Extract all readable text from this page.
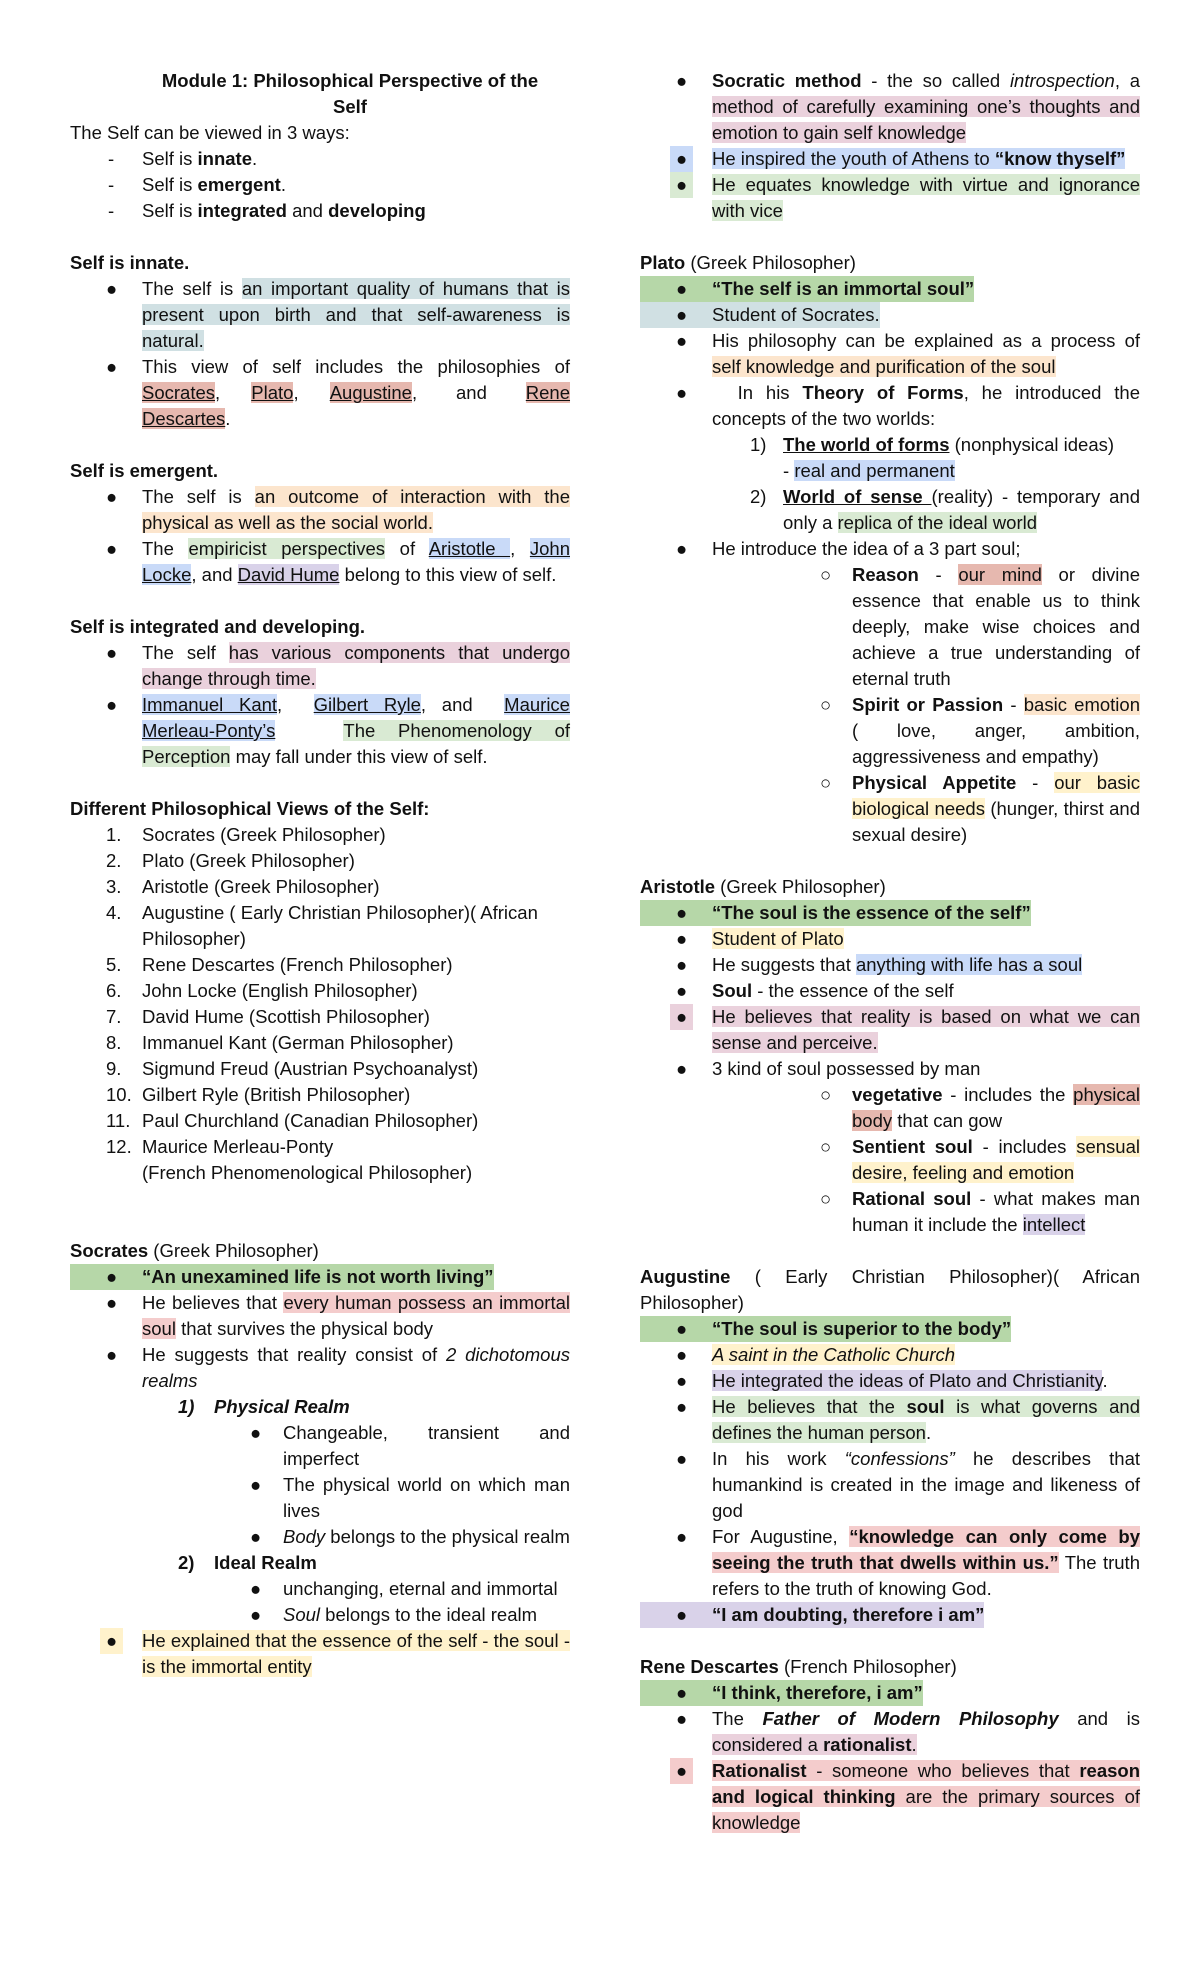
Module 1: Philosophical Perspective of the
Self

The Self can be viewed in 3 ways:

- Self is innate.
- Self is emergent.
- Self is integrated and developing

Self is innate.

● The self is an important quality of humans that is present upon birth and that self-awareness is natural.
● This view of self includes the philosophies of Socrates,    Plato,    Augustine,     and Rene Descartes.

Self is emergent.

● The self is an outcome of interaction with the physical as well as the social world.
● The empiricist perspectives of Aristotle , John Locke, and David Hume belong to this view of self.

Self is integrated and developing.

● The self has various components that undergo change through time.
● Immanuel Kant,  Gilbert Ryle, and  Maurice Merleau-Ponty’s	The Phenomenology of Perception may fall under this view of self.

Different Philosophical Views of the Self:

1. Socrates (Greek Philosopher)
2. Plato (Greek Philosopher)
3. Aristotle (Greek Philosopher)
4. Augustine ( Early Christian Philosopher)( African Philosopher)
5. Rene Descartes (French Philosopher)
6. John Locke (English Philosopher)
7. David Hume (Scottish Philosopher)
8. Immanuel Kant (German Philosopher)
9. Sigmund Freud (Austrian Psychoanalyst)
10. Gilbert Ryle (British Philosopher)
11. Paul Churchland (Canadian Philosopher)
12. Maurice Merleau-Ponty
(French Phenomenological Philosopher)

Socrates (Greek Philosopher)

● “An unexamined life is not worth living”
● He believes that every human possess an immortal soul that survives the physical body
● He suggests that reality consist of 2 dichotomous realms
1) Physical Realm
● Changeable, transient and imperfect
● The physical world on which man lives
● Body belongs to the physical realm
2) Ideal Realm
● unchanging, eternal and immortal
● Soul belongs to the ideal realm
●	He explained that the essence of the self - the soul - is the immortal entity
● Socratic method - the so called introspection, a method of carefully examining one’s thoughts and emotion to gain self knowledge
●	He inspired the youth of Athens to “know thyself”
●	He equates knowledge with virtue and ignorance with vice

Plato (Greek Philosopher)

● “The self is an immortal soul”
● Student of Socrates.
● His philosophy can be explained as a process of self knowledge and purification of the soul
●	In his Theory of Forms, he introduced the concepts of the two worlds:
1) The world of forms (nonphysical ideas)
- real and permanent
2) World of sense (reality) - temporary and only a replica of the ideal world
● He introduce the idea of a 3 part soul;
○ Reason - our mind or divine essence that enable us to think deeply, make wise choices and achieve a true understanding of eternal truth
○ Spirit or Passion - basic emotion ( love, anger, ambition, aggressiveness and empathy)
○ Physical Appetite - our basic biological needs (hunger, thirst and sexual desire)

Aristotle (Greek Philosopher)

● “The soul is the essence of the self”
● Student of Plato
● He suggests that anything with life has a soul
● Soul - the essence of the self
●	He believes that reality is based on what we can sense and perceive.
● 3 kind of soul possessed by man
○ vegetative - includes the physical body that can gow
○ Sentient soul - includes sensual desire, feeling and emotion
○ Rational soul - what makes man human it include the intellect

Augustine ( Early Christian Philosopher)( African Philosopher)

● “The soul is superior to the body”
● A saint in the Catholic Church
● He integrated the ideas of Plato and Christianity.
● He believes that the soul is what governs and defines the human person.
● In his work “confessions” he describes that humankind is created in the image and likeness of god
● For Augustine, “knowledge can only come by seeing the truth that dwells within us.” The truth refers to the truth of knowing God.
● “I am doubting, therefore i am”

Rene Descartes (French Philosopher)

● “I think, therefore, i am”
● The Father of Modern Philosophy and is considered a rationalist.
●	Rationalist - someone who believes that reason and logical thinking are the primary sources of knowledge
